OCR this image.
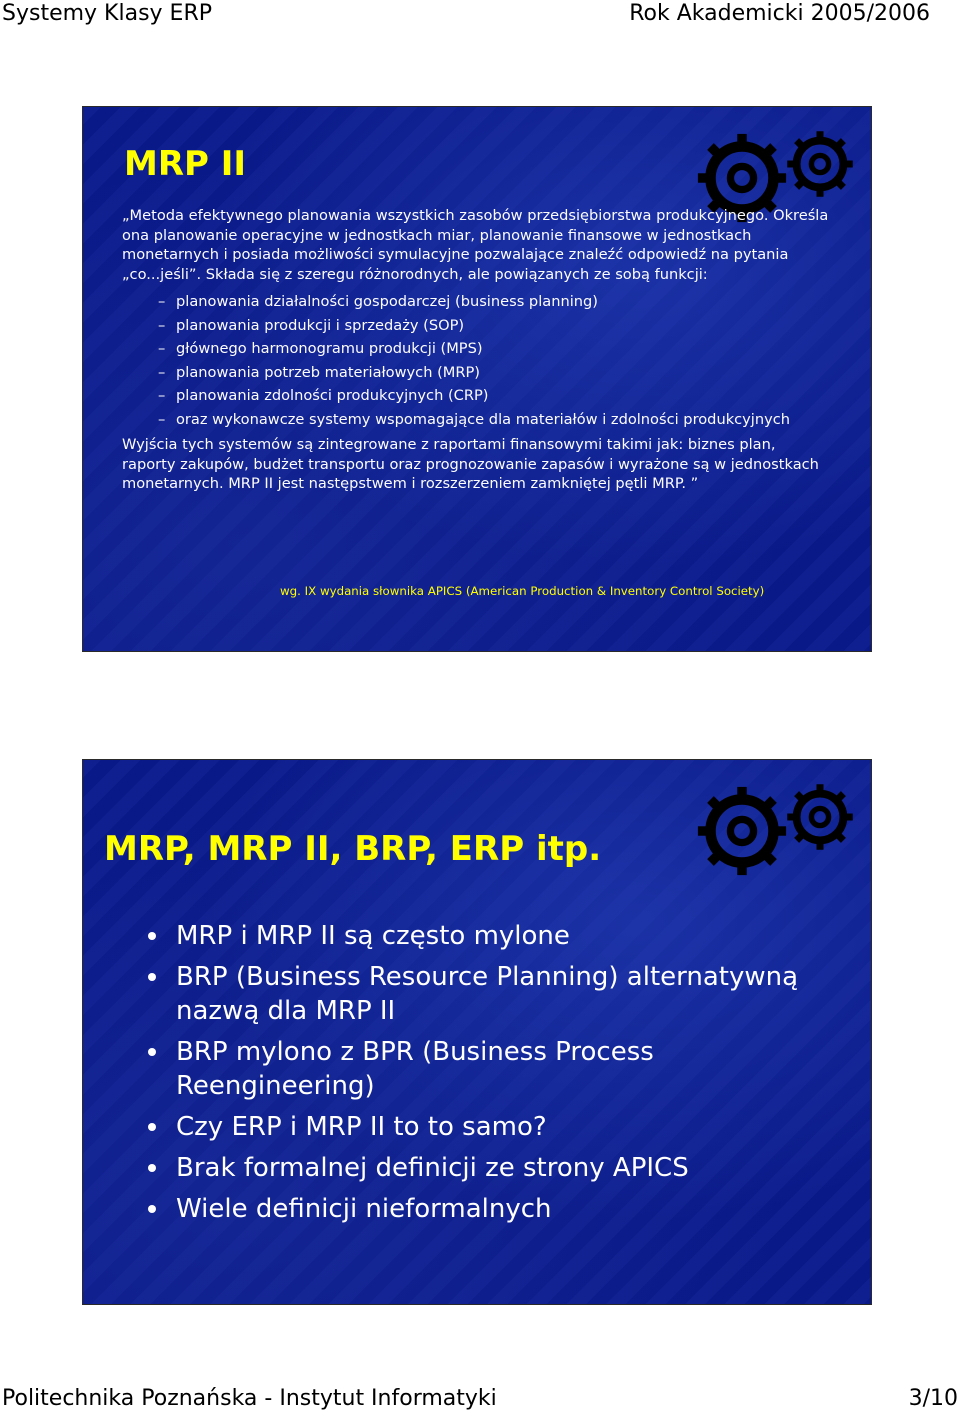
Systemy Klasy ERP	Rok Akademicki 2005/2006
MRP II

„Metoda efektywnego planowania wszystkich zasobów przedsiębiorstwa produkcyjnego. Określa ona planowanie operacyjne w jednostkach miar, planowanie finansowe w jednostkach monetarnych i posiada możliwości symulacyjne pozwalające znaleźć odpowiedź na pytania „co...jeśli”. Składa się z szeregu różnorodnych, ale powiązanych ze sobą funkcji:

– planowania działalności gospodarczej (business planning)
– planowania produkcji i sprzedaży (SOP)
– głównego harmonogramu produkcji (MPS)
– planowania potrzeb materiałowych (MRP)
– planowania zdolności produkcyjnych (CRP)
– oraz wykonawcze systemy wspomagające dla materiałów i zdolności produkcyjnych

Wyjścia tych systemów są zintegrowane z raportami finansowymi takimi jak: biznes plan, raporty zakupów, budżet transportu oraz prognozowanie zapasów i wyrażone są w jednostkach monetarnych. MRP II jest następstwem i rozszerzeniem zamkniętej pętli MRP. ”

wg. IX wydania słownika APICS (American Production & Inventory Control Society)
MRP, MRP II, BRP, ERP itp.
MRP i MRP II są często mylone
BRP (Business Resource Planning) alternatywną nazwą dla MRP II
BRP mylono z BPR (Business Process Reengineering)
Czy ERP i MRP II to to samo?
Brak formalnej definicji ze strony APICS
Wiele definicji nieformalnych
Politechnika Poznańska - Instytut Informatyki	3/10
